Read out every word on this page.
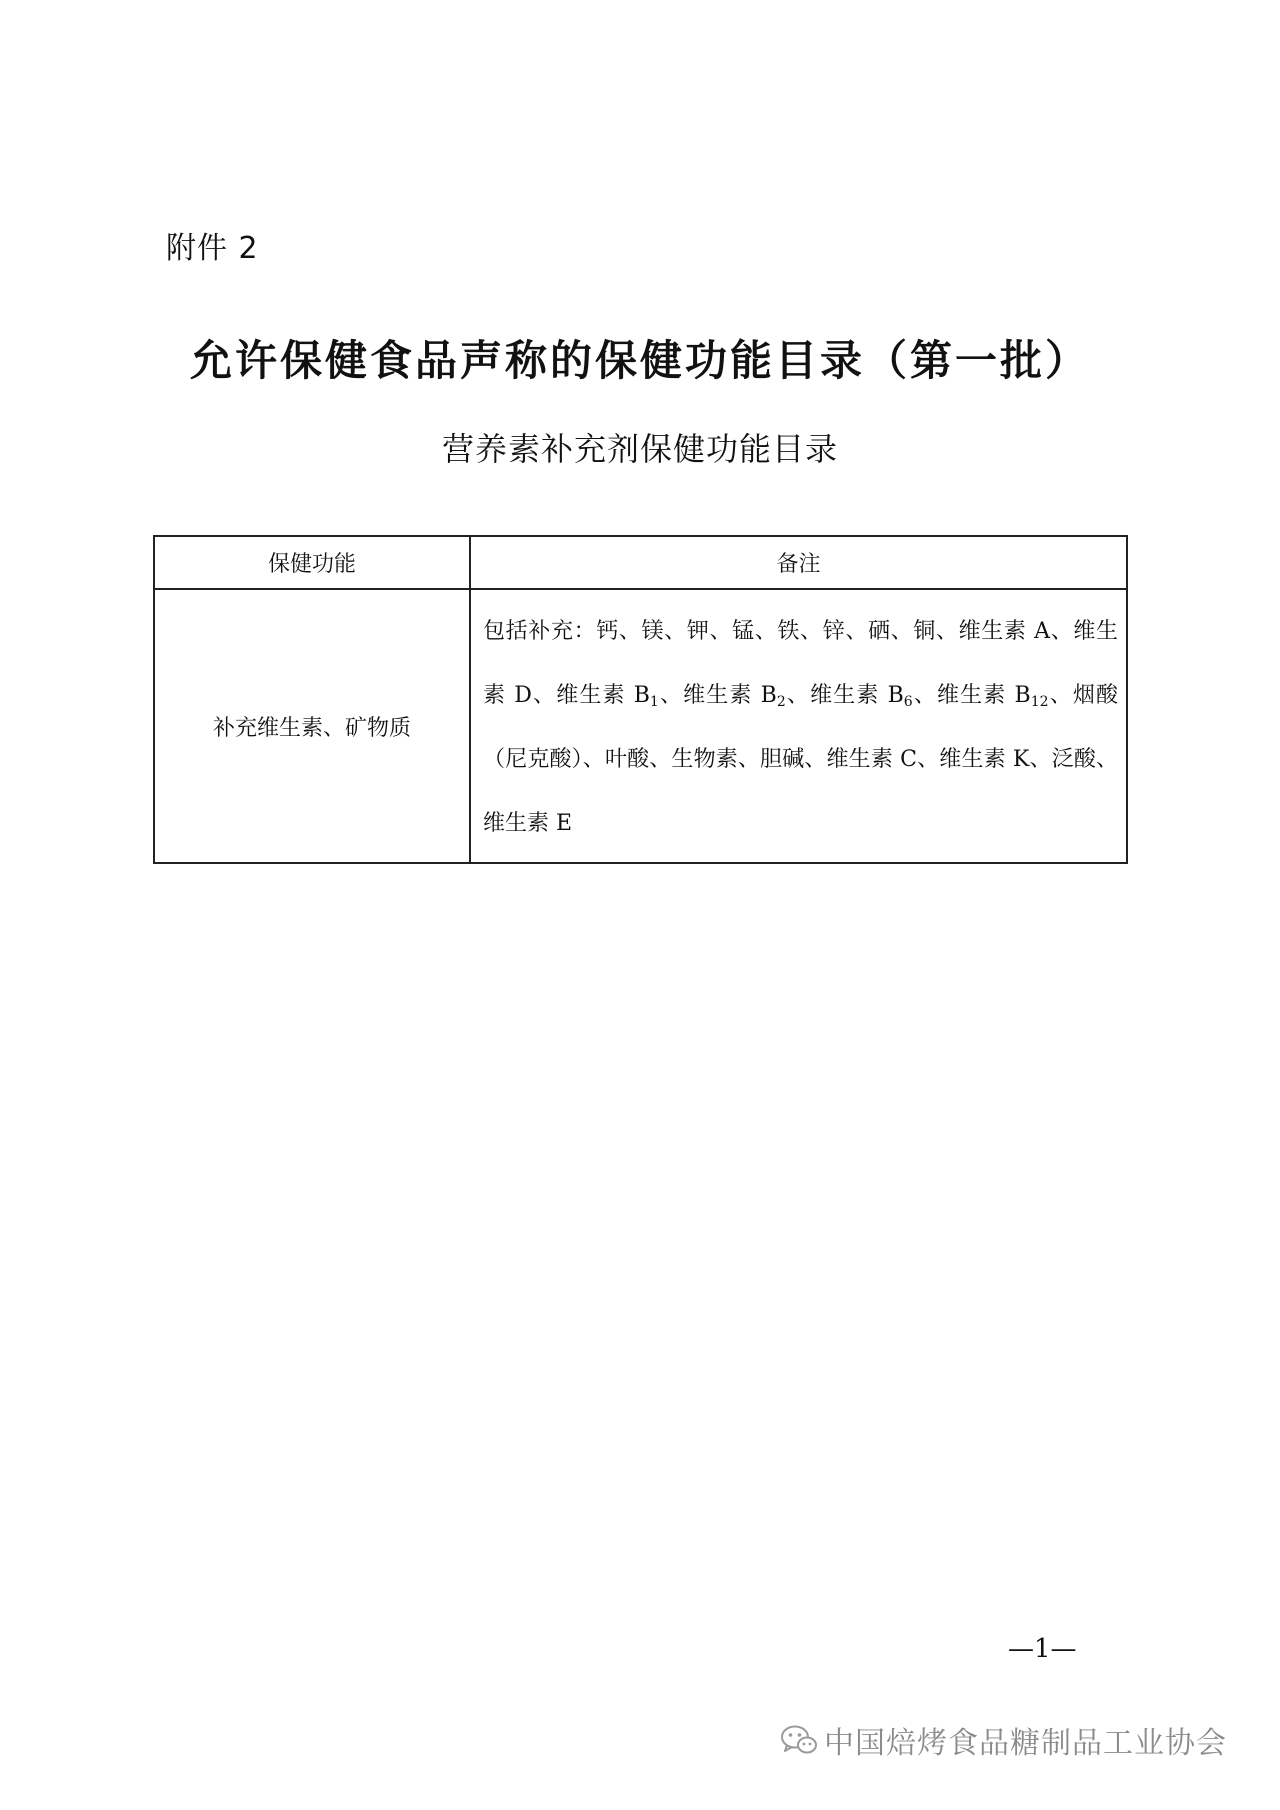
附件 2
允许保健食品声称的保健功能目录（第一批）
营养素补充剂保健功能目录
保健功能	备注
补充维生素、矿物质	包括补充：钙、镁、钾、锰、铁、锌、硒、铜、维生素 A、维生素 D、维生素 $B_1$、维生素 $B_2$、维生素 $B_6$、维生素 $B_{12}$、烟酸（尼克酸）、叶酸、生物素、胆碱、维生素 C、维生素 K、泛酸、维生素 E
—1—
中国焙烤食品糖制品工业协会
